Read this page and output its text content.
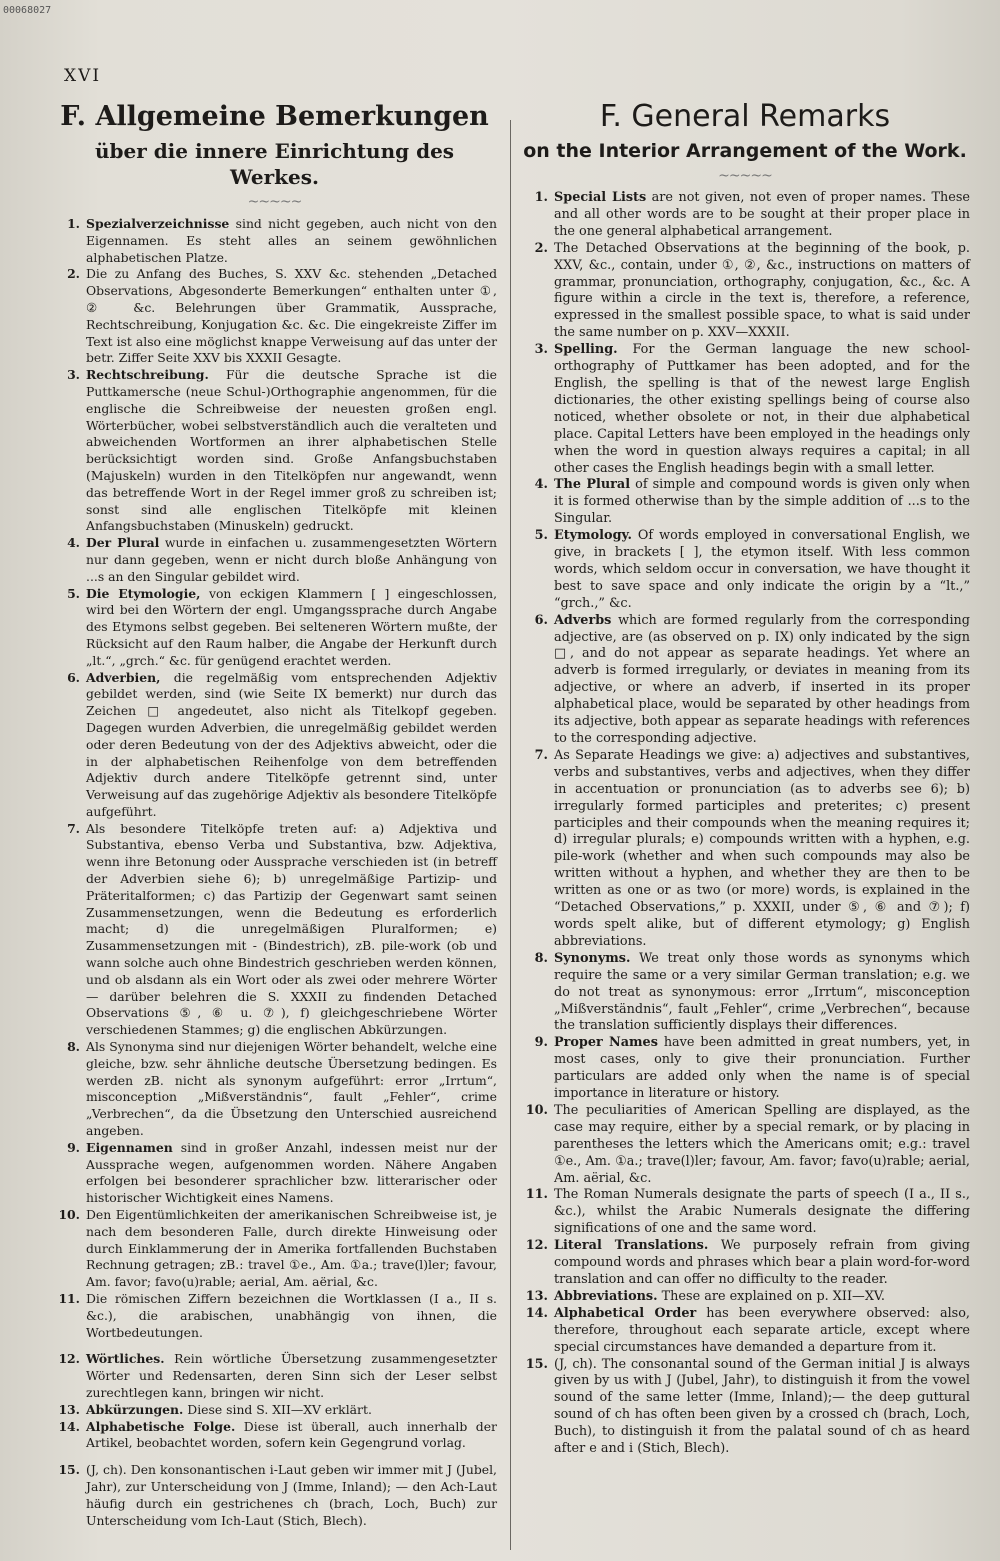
00068027
XVI
F. Allgemeine Bemerkungen
über die innere Einrichtung des Werkes.
~~~~~
1. Spezialverzeichnisse sind nicht gegeben, auch nicht von den Eigennamen. Es steht alles an seinem gewöhnlichen alphabetischen Platze.
2. Die zu Anfang des Buches, S. XXV &c. stehenden „Detached Observations, Abgesonderte Bemerkungen“ enthalten unter ①, ② &c. Belehrungen über Grammatik, Aussprache, Rechtschreibung, Konjugation &c. &c. Die eingekreiste Ziffer im Text ist also eine möglichst knappe Verweisung auf das unter der betr. Ziffer Seite XXV bis XXXII Gesagte.
3. Rechtschreibung. Für die deutsche Sprache ist die Puttkamersche (neue Schul-)Orthographie angenommen, für die englische die Schreibweise der neuesten großen engl. Wörterbücher, wobei selbstverständlich auch die veralteten und abweichenden Wortformen an ihrer alphabetischen Stelle berücksichtigt worden sind. Große Anfangsbuchstaben (Majuskeln) wurden in den Titelköpfen nur angewandt, wenn das betreffende Wort in der Regel immer groß zu schreiben ist; sonst sind alle englischen Titelköpfe mit kleinen Anfangsbuchstaben (Minuskeln) gedruckt.
4. Der Plural wurde in einfachen u. zusammengesetzten Wörtern nur dann gegeben, wenn er nicht durch bloße Anhängung von ...s an den Singular gebildet wird.
5. Die Etymologie, von eckigen Klammern [ ] eingeschlossen, wird bei den Wörtern der engl. Umgangssprache durch Angabe des Etymons selbst gegeben. Bei selteneren Wörtern mußte, der Rücksicht auf den Raum halber, die Angabe der Herkunft durch „lt.“, „grch.“ &c. für genügend erachtet werden.
6. Adverbien, die regelmäßig vom entsprechenden Adjektiv gebildet werden, sind (wie Seite IX bemerkt) nur durch das Zeichen □ angedeutet, also nicht als Titelkopf gegeben. Dagegen wurden Adverbien, die unregelmäßig gebildet werden oder deren Bedeutung von der des Adjektivs abweicht, oder die in der alphabetischen Reihenfolge von dem betreffenden Adjektiv durch andere Titelköpfe getrennt sind, unter Verweisung auf das zugehörige Adjektiv als besondere Titelköpfe aufgeführt.
7. Als besondere Titelköpfe treten auf: a) Adjektiva und Substantiva, ebenso Verba und Substantiva, bzw. Adjektiva, wenn ihre Betonung oder Aussprache verschieden ist (in betreff der Adverbien siehe 6); b) unregelmäßige Partizip- und Präteritalformen; c) das Partizip der Gegenwart samt seinen Zusammensetzungen, wenn die Bedeutung es erforderlich macht; d) die unregelmäßigen Pluralformen; e) Zusammensetzungen mit - (Bindestrich), zB. pile-work (ob und wann solche auch ohne Bindestrich geschrieben werden können, und ob alsdann als ein Wort oder als zwei oder mehrere Wörter — darüber belehren die S. XXXII zu findenden Detached Observations ⑤, ⑥ u. ⑦), f) gleichgeschriebene Wörter verschiedenen Stammes; g) die englischen Abkürzungen.
8. Als Synonyma sind nur diejenigen Wörter behandelt, welche eine gleiche, bzw. sehr ähnliche deutsche Übersetzung bedingen. Es werden zB. nicht als synonym aufgeführt: error „Irrtum“, misconception „Mißverständnis“, fault „Fehler“, crime „Verbrechen“, da die Übsetzung den Unterschied ausreichend angeben.
9. Eigennamen sind in großer Anzahl, indessen meist nur der Aussprache wegen, aufgenommen worden. Nähere Angaben erfolgen bei besonderer sprachlicher bzw. litterarischer oder historischer Wichtigkeit eines Namens.
10. Den Eigentümlichkeiten der amerikanischen Schreibweise ist, je nach dem besonderen Falle, durch direkte Hinweisung oder durch Einklammerung der in Amerika fortfallenden Buchstaben Rechnung getragen; zB.: travel ①e., Am. ①a.; trave(l)ler; favour, Am. favor; favo(u)rable; aerial, Am. aërial, &c.
11. Die römischen Ziffern bezeichnen die Wortklassen (I a., II s. &c.), die arabischen, unabhängig von ihnen, die Wortbedeutungen.
12. Wörtliches. Rein wörtliche Übersetzung zusammengesetzter Wörter und Redensarten, deren Sinn sich der Leser selbst zurechtlegen kann, bringen wir nicht.
13. Abkürzungen. Diese sind S. XII—XV erklärt.
14. Alphabetische Folge. Diese ist überall, auch innerhalb der Artikel, beobachtet worden, sofern kein Gegengrund vorlag.
15. (J, ch). Den konsonantischen i-Laut geben wir immer mit J (Jubel, Jahr), zur Unterscheidung von J (Imme, Inland); — den Ach-Laut häufig durch ein gestrichenes ch (brach, Loch, Buch) zur Unterscheidung vom Ich-Laut (Stich, Blech).
F. General Remarks
on the Interior Arrangement of the Work.
~~~~~
1. Special Lists are not given, not even of proper names. These and all other words are to be sought at their proper place in the one general alphabetical arrangement.
2. The Detached Observations at the beginning of the book, p. XXV, &c., contain, under ①, ②, &c., instructions on matters of grammar, pronunciation, orthography, conjugation, &c., &c. A figure within a circle in the text is, therefore, a reference, expressed in the smallest possible space, to what is said under the same number on p. XXV—XXXII.
3. Spelling. For the German language the new school-orthography of Puttkamer has been adopted, and for the English, the spelling is that of the newest large English dictionaries, the other existing spellings being of course also noticed, whether obsolete or not, in their due alphabetical place. Capital Letters have been employed in the headings only when the word in question always requires a capital; in all other cases the English headings begin with a small letter.
4. The Plural of simple and compound words is given only when it is formed otherwise than by the simple addition of ...s to the Singular.
5. Etymology. Of words employed in conversational English, we give, in brackets [ ], the etymon itself. With less common words, which seldom occur in conversation, we have thought it best to save space and only indicate the origin by a “lt.,” “grch.,” &c.
6. Adverbs which are formed regularly from the corresponding adjective, are (as observed on p. IX) only indicated by the sign □, and do not appear as separate headings. Yet where an adverb is formed irregularly, or deviates in meaning from its adjective, or where an adverb, if inserted in its proper alphabetical place, would be separated by other headings from its adjective, both appear as separate headings with references to the corresponding adjective.
7. As Separate Headings we give: a) adjectives and substantives, verbs and substantives, verbs and adjectives, when they differ in accentuation or pronunciation (as to adverbs see 6); b) irregularly formed participles and preterites; c) present participles and their compounds when the meaning requires it; d) irregular plurals; e) compounds written with a hyphen, e.g. pile-work (whether and when such compounds may also be written without a hyphen, and whether they are then to be written as one or as two (or more) words, is explained in the “Detached Observations,” p. XXXII, under ⑤, ⑥ and ⑦); f) words spelt alike, but of different etymology; g) English abbreviations.
8. Synonyms. We treat only those words as synonyms which require the same or a very similar German translation; e.g. we do not treat as synonymous: error „Irrtum“, misconception „Mißverständnis“, fault „Fehler“, crime „Verbrechen“, because the translation sufficiently displays their differences.
9. Proper Names have been admitted in great numbers, yet, in most cases, only to give their pronunciation. Further particulars are added only when the name is of special importance in literature or history.
10. The peculiarities of American Spelling are displayed, as the case may require, either by a special remark, or by placing in parentheses the letters which the Americans omit; e.g.: travel ①e., Am. ①a.; trave(l)ler; favour, Am. favor; favo(u)rable; aerial, Am. aërial, &c.
11. The Roman Numerals designate the parts of speech (I a., II s., &c.), whilst the Arabic Numerals designate the differing significations of one and the same word.
12. Literal Translations. We purposely refrain from giving compound words and phrases which bear a plain word-for-word translation and can offer no difficulty to the reader.
13. Abbreviations. These are explained on p. XII—XV.
14. Alphabetical Order has been everywhere observed: also, therefore, throughout each separate article, except where special circumstances have demanded a departure from it.
15. (J, ch). The consonantal sound of the German initial J is always given by us with J (Jubel, Jahr), to distinguish it from the vowel sound of the same letter (Imme, Inland);— the deep guttural sound of ch has often been given by a crossed ch (brach, Loch, Buch), to distinguish it from the palatal sound of ch as heard after e and i (Stich, Blech).
